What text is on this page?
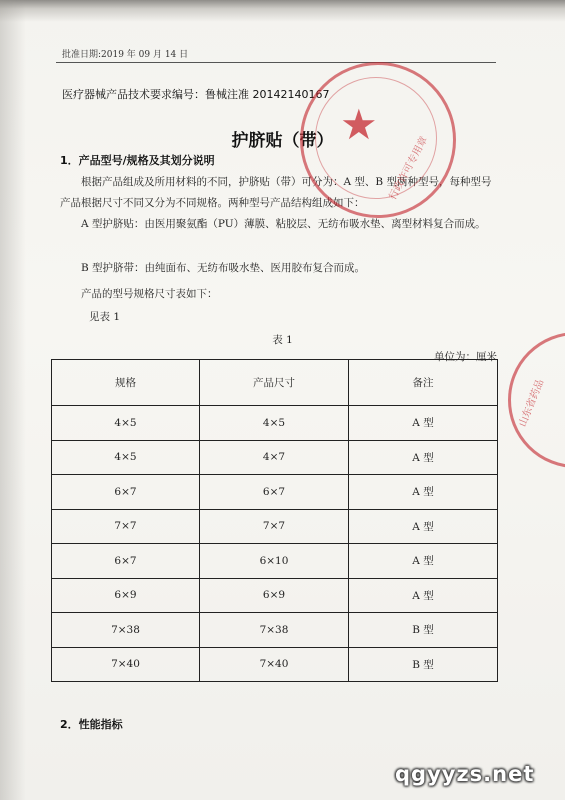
批准日期:2019 年 09 月 14 日
医疗器械产品技术要求编号：鲁械注准 20142140167
护脐贴（带）
1．产品型号/规格及其划分说明
根据产品组成及所用材料的不同，护脐贴（带）可分为：A 型、B 型两种型号，每种型号产品根据尺寸不同又分为不同规格。两种型号产品结构组成如下：
A 型护脐贴：由医用聚氨酯（PU）薄膜、粘胶层、无纺布吸水垫、离型材料复合而成。
B 型护脐带：由纯面布、无纺布吸水垫、医用胶布复合而成。
产品的型号规格尺寸表如下：
见表 1
表 1
单位为：厘米
规格	产品尺寸	备注
4×5	4×5	A 型
4×5	4×7	A 型
6×7	6×7	A 型
7×7	7×7	A 型
6×7	6×10	A 型
6×9	6×9	A 型
7×38	7×38	B 型
7×40	7×40	B 型
2．性能指标
★
行政许可专用章
山东省药品
qgyyzs.net
